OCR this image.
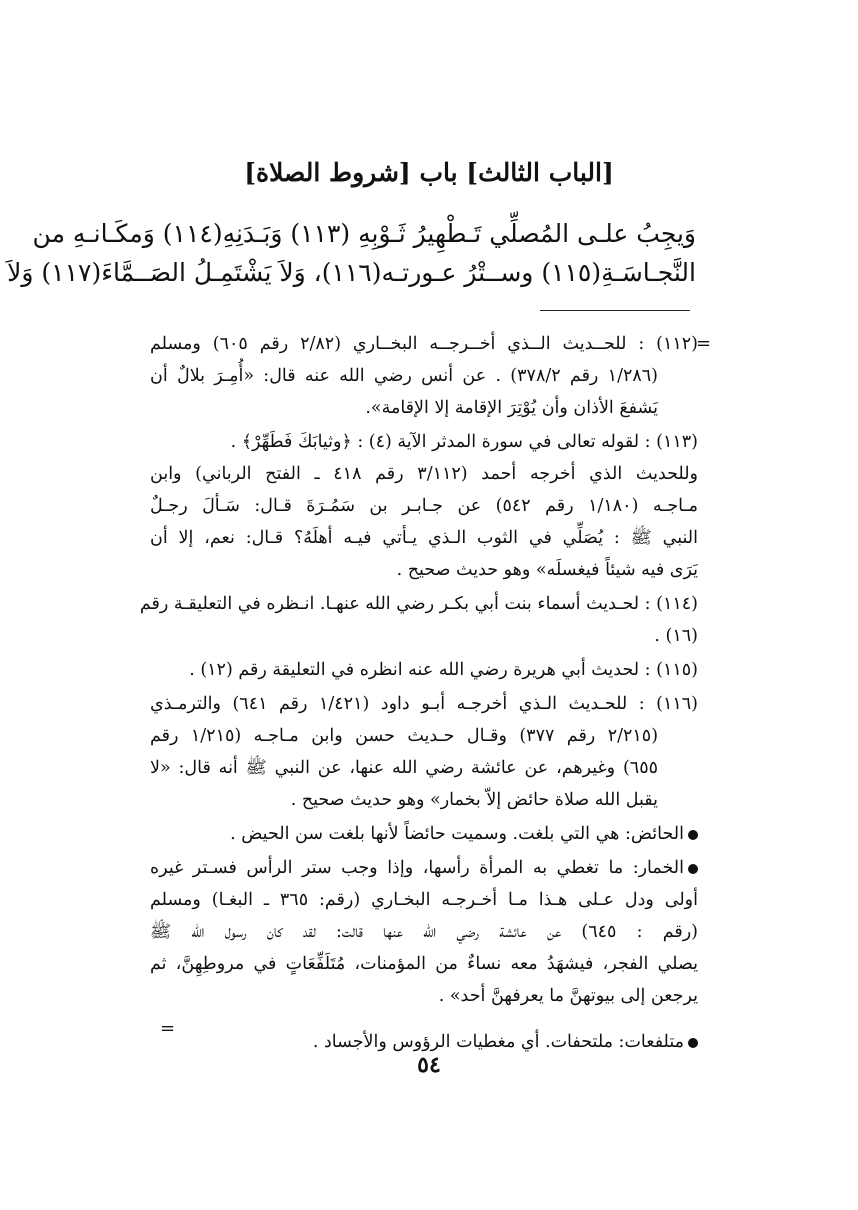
[الباب الثالث] باب [شروط الصلاة]
وَيجِبُ علـى المُصلِّي تَـطْهِيرُ ثَـوْبِهِ (١١٣) وَبَـدَنِهِ(١١٤) وَمكَـانـهِ من
النَّجـاسَـةِ(١١٥) وســتْرُ عـورتـه(١١٦)، وَلاَ يَشْتَمِـلُ الصَــمَّاءَ(١١٧) وَلاَ
=
(١١٢) : للحــديث الــذي أخــرجــه البخــاري (٢/٨٢ رقم ٦٠٥) ومسلم
(١/٢٨٦ رقم ٣٧٨/٢) . عن أنس رضي الله عنه قال: «أُمِـرَ بلالٌ أن
يَشفعَ الأذان وأن يُوْتِرَ الإقامة إلا الإقامة».
(١١٣) : لقوله تعالى في سورة المدثر الآية (٤) : ﴿وثيابَكَ فَطَهِّرْ﴾ .
وللحديث الذي أخرجه أحمد (٣/١١٢ رقم ٤١٨ ـ الفتح الرباني) وابن
مـاجـه (١/١٨٠ رقم ٥٤٢) عن جـابـر بن سَمُـرَةَ قـال: سَـألَ رجـلٌ
النبي ﷺ : يُصَلِّي في الثوب الـذي يـأتي فيـه أهلَهُ؟ قـال: نعم، إلا أن
يَرَى فيه شيئاً فيغسلَه» وهو حديث صحيح .
(١١٤) : لحـديث أسماء بنت أبي بكـر رضي الله عنهـا. انـظره في التعليقـة رقم
(١٦) .
(١١٥) : لحديث أبي هريرة رضي الله عنه انظره في التعليقة رقم (١٢) .
(١١٦) : للحـديث الـذي أخرجـه أبـو داود (١/٤٢١ رقم ٦٤١) والترمـذي
(٢/٢١٥ رقم ٣٧٧) وقـال حـديث حسن وابن مـاجـه (١/٢١٥ رقم
٦٥٥) وغيرهم، عن عائشة رضي الله عنها، عن النبي ﷺ أنه قال: «لا
يقبل الله صلاة حائض إلاّ بخمار» وهو حديث صحيح .
الحائض: هي التي بلغت. وسميت حائضاً لأنها بلغت سن الحيض .
الخمار: ما تغطي به المرأة رأسها، وإذا وجب ستر الرأس فسـتر غيره
أولى ودل عـلى هـذا مـا أخـرجـه البخـاري (رقم: ٣٦٥ ـ البغـا) ومسلم
(رقم : ٦٤٥) عن عائشة رضي الله عنها قالت: لقد كان رسول الله ﷺ
يصلي الفجر، فيشهَدُ معه نساءٌ من المؤمنات، مُتَلَفِّعَاتٍ في مروطِهِنَّ، ثم
يرجعن إلى بيوتهنَّ ما يعرفهنَّ أحد» .
متلفعات: ملتحفات. أي مغطيات الرؤوس والأجساد .
=
٥٤
